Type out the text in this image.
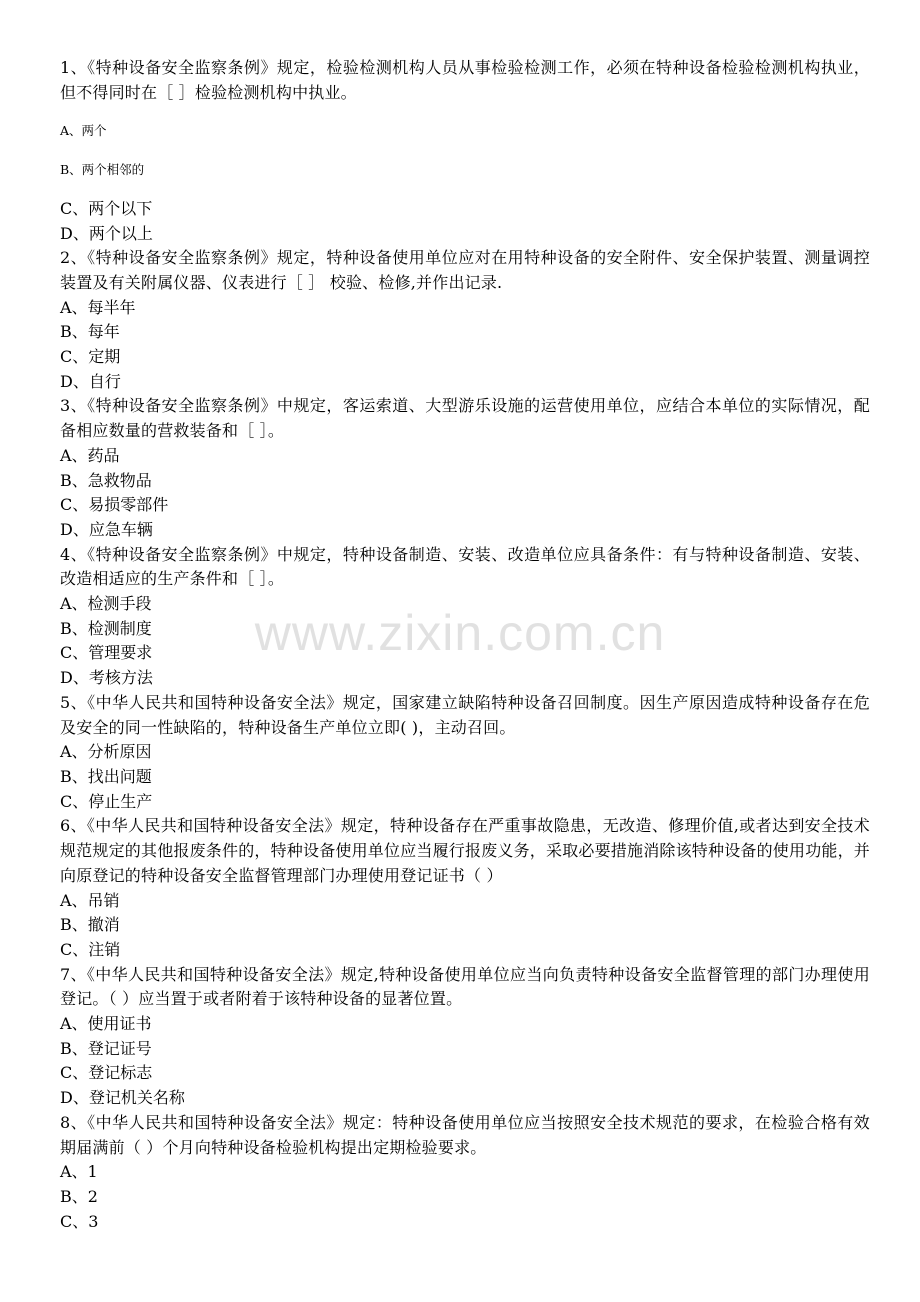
1、《特种设备安全监察条例》规定，检验检测机构人员从事检验检测工作，必须在特种设备检验检测机构执业，但不得同时在［ ］检验检测机构中执业。
A、两个
B、两个相邻的
C、两个以下
D、两个以上
2、《特种设备安全监察条例》规定，特种设备使用单位应对在用特种设备的安全附件、安全保护装置、测量调控装置及有关附属仪器、仪表进行［ ］ 校验、检修,并作出记录.
A、每半年
B、每年
C、定期
D、自行
3、《特种设备安全监察条例》中规定，客运索道、大型游乐设施的运营使用单位，应结合本单位的实际情况，配备相应数量的营救装备和［ ］。
A、药品
B、急救物品
C、易损零部件
D、应急车辆
4、《特种设备安全监察条例》中规定，特种设备制造、安装、改造单位应具备条件：有与特种设备制造、安装、改造相适应的生产条件和［ ］。
A、检测手段
B、检测制度
C、管理要求
D、考核方法
5、《中华人民共和国特种设备安全法》规定，国家建立缺陷特种设备召回制度。因生产原因造成特种设备存在危及安全的同一性缺陷的，特种设备生产单位立即( )，主动召回。
A、分析原因
B、找出问题
C、停止生产
6、《中华人民共和国特种设备安全法》规定，特种设备存在严重事故隐患，无改造、修理价值,或者达到安全技术规范规定的其他报废条件的，特种设备使用单位应当履行报废义务，采取必要措施消除该特种设备的使用功能，并向原登记的特种设备安全监督管理部门办理使用登记证书（ ）
A、吊销
B、撤消
C、注销
7、《中华人民共和国特种设备安全法》规定,特种设备使用单位应当向负责特种设备安全监督管理的部门办理使用登记。（ ）应当置于或者附着于该特种设备的显著位置。
A、使用证书
B、登记证号
C、登记标志
D、登记机关名称
8、《中华人民共和国特种设备安全法》规定：特种设备使用单位应当按照安全技术规范的要求，在检验合格有效期届满前（ ）个月向特种设备检验机构提出定期检验要求。
A、1
B、2
C、3
www.zixin.com.cn
